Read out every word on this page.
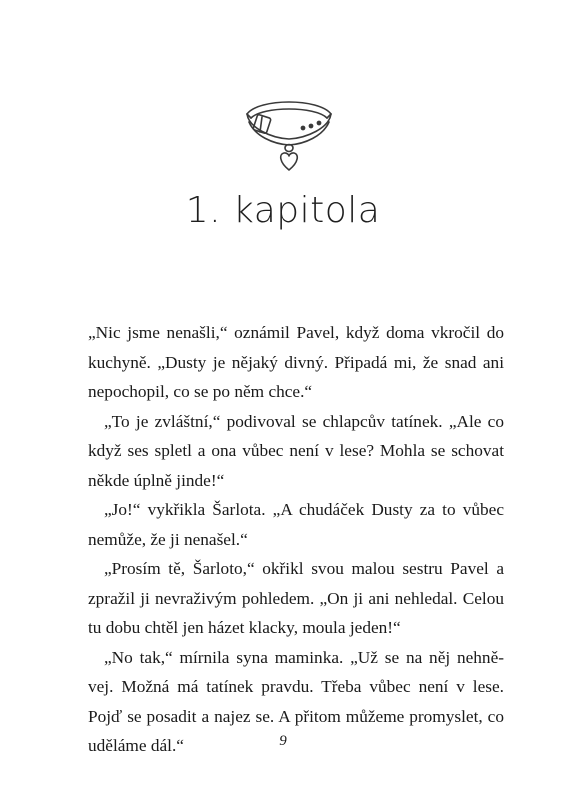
1. kapitola

„Nic jsme nenašli,“ oznámil Pavel, když doma vkročil do kuchyně. „Dusty je nějaký divný. Připadá mi, že snad ani nepochopil, co se po něm chce.“

„To je zvláštní,“ podivoval se chlapcův tatínek. „Ale co když ses spletl a ona vůbec není v lese? Mohla se schovat někde úplně jinde!“

„Jo!“ vykřikla Šarlota. „A chudáček Dusty za to vůbec nemůže, že ji nenašel.“

„Prosím tě, Šarloto,“ okřikl svou malou sestru Pavel a zpražil ji nevraživým pohledem. „On ji ani nehledal. Celou tu dobu chtěl jen házet klacky, moula jeden!“

„No tak,“ mírnila syna maminka. „Už se na něj nehně-vej. Možná má tatínek pravdu. Třeba vůbec není v lese. Pojď se posadit a najez se. A přitom můžeme promyslet, co uděláme dál.“	9
